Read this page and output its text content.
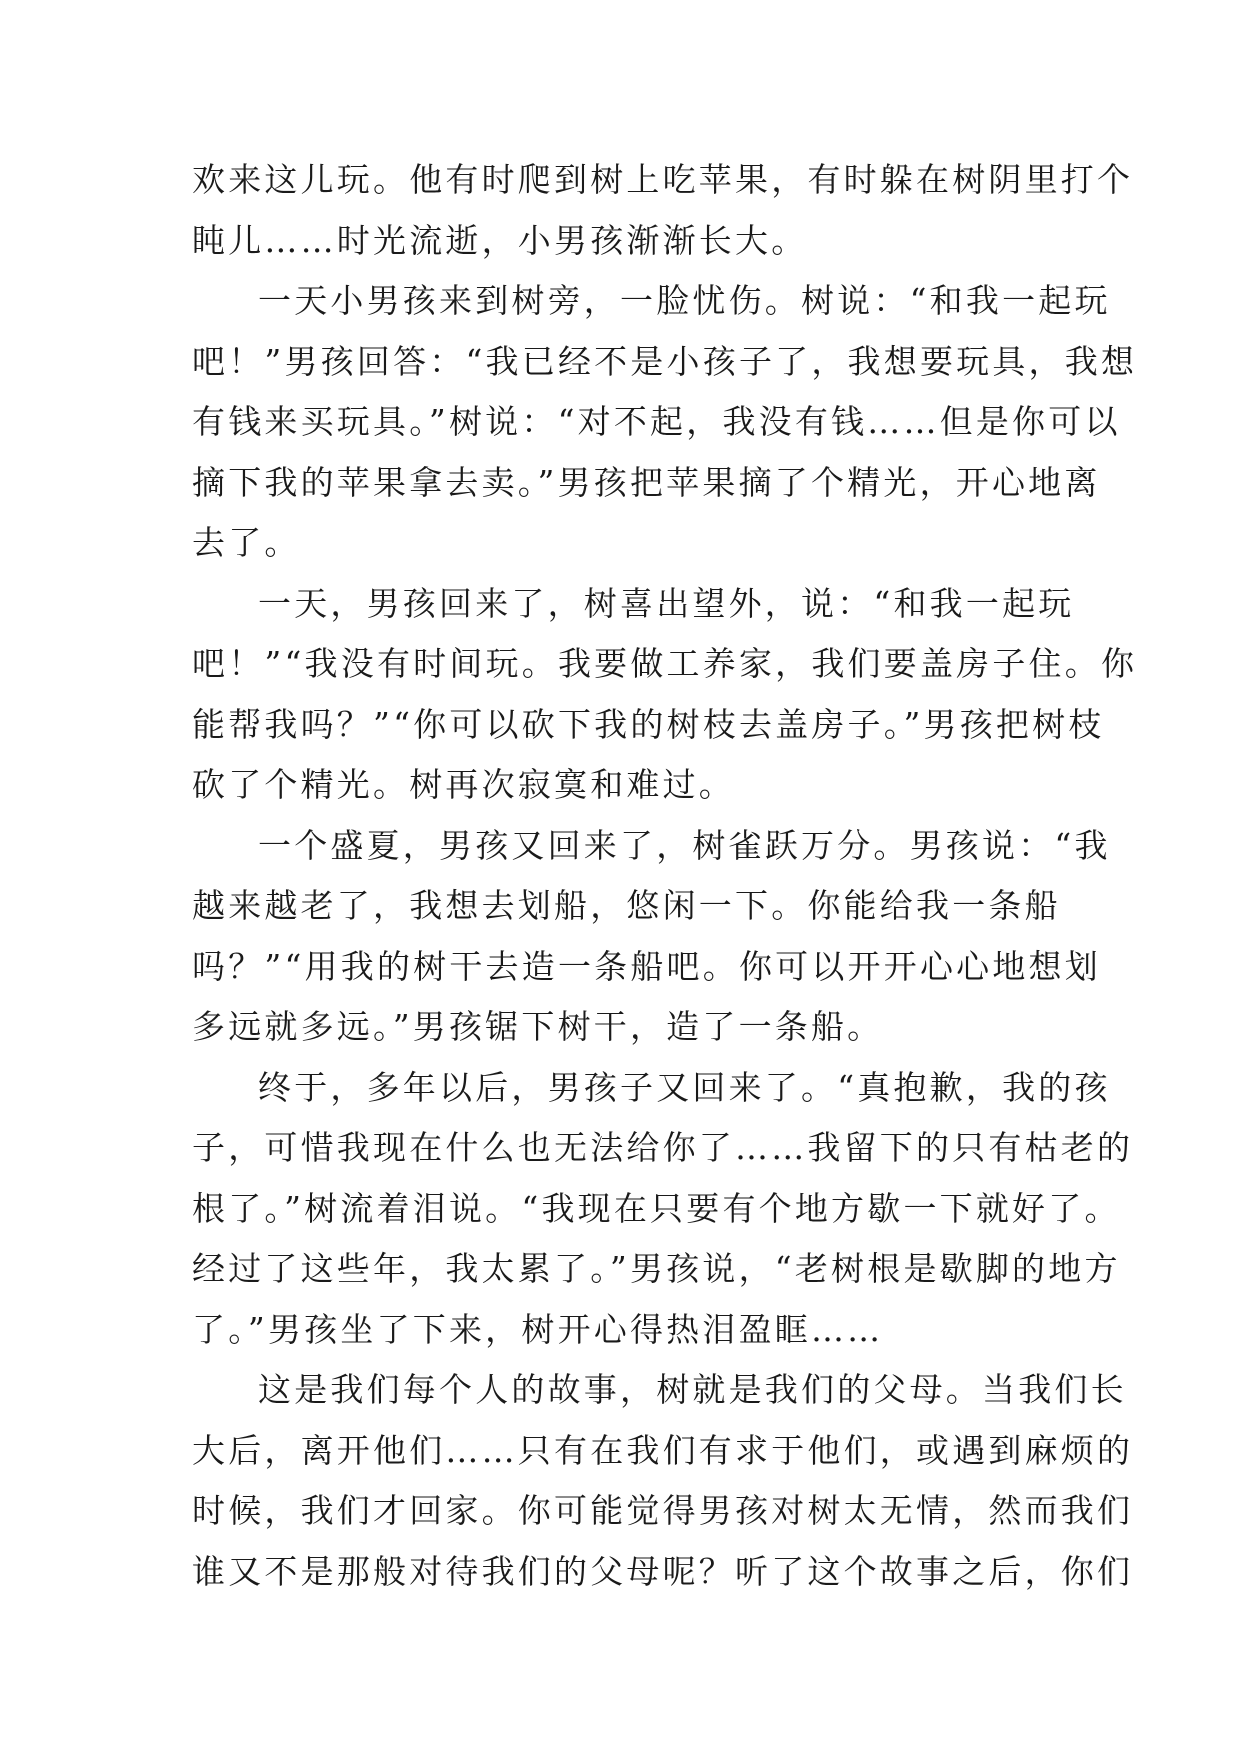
欢来这儿玩。他有时爬到树上吃苹果，有时躲在树阴里打个
盹儿……时光流逝，小男孩渐渐长大。
一天小男孩来到树旁，一脸忧伤。树说：“和我一起玩
吧！”男孩回答：“我已经不是小孩子了，我想要玩具，我想
有钱来买玩具。”树说：“对不起，我没有钱……但是你可以
摘下我的苹果拿去卖。”男孩把苹果摘了个精光，开心地离
去了。
一天，男孩回来了，树喜出望外，说：“和我一起玩
吧！”“我没有时间玩。我要做工养家，我们要盖房子住。你
能帮我吗？”“你可以砍下我的树枝去盖房子。”男孩把树枝
砍了个精光。树再次寂寞和难过。
一个盛夏，男孩又回来了，树雀跃万分。男孩说：“我
越来越老了，我想去划船，悠闲一下。你能给我一条船
吗？”“用我的树干去造一条船吧。你可以开开心心地想划
多远就多远。”男孩锯下树干，造了一条船。
终于，多年以后，男孩子又回来了。“真抱歉，我的孩
子，可惜我现在什么也无法给你了……我留下的只有枯老的
根了。”树流着泪说。“我现在只要有个地方歇一下就好了。
经过了这些年，我太累了。”男孩说，“老树根是歇脚的地方
了。”男孩坐了下来，树开心得热泪盈眶……
这是我们每个人的故事，树就是我们的父母。当我们长
大后，离开他们……只有在我们有求于他们，或遇到麻烦的
时候，我们才回家。你可能觉得男孩对树太无情，然而我们
谁又不是那般对待我们的父母呢？听了这个故事之后，你们
